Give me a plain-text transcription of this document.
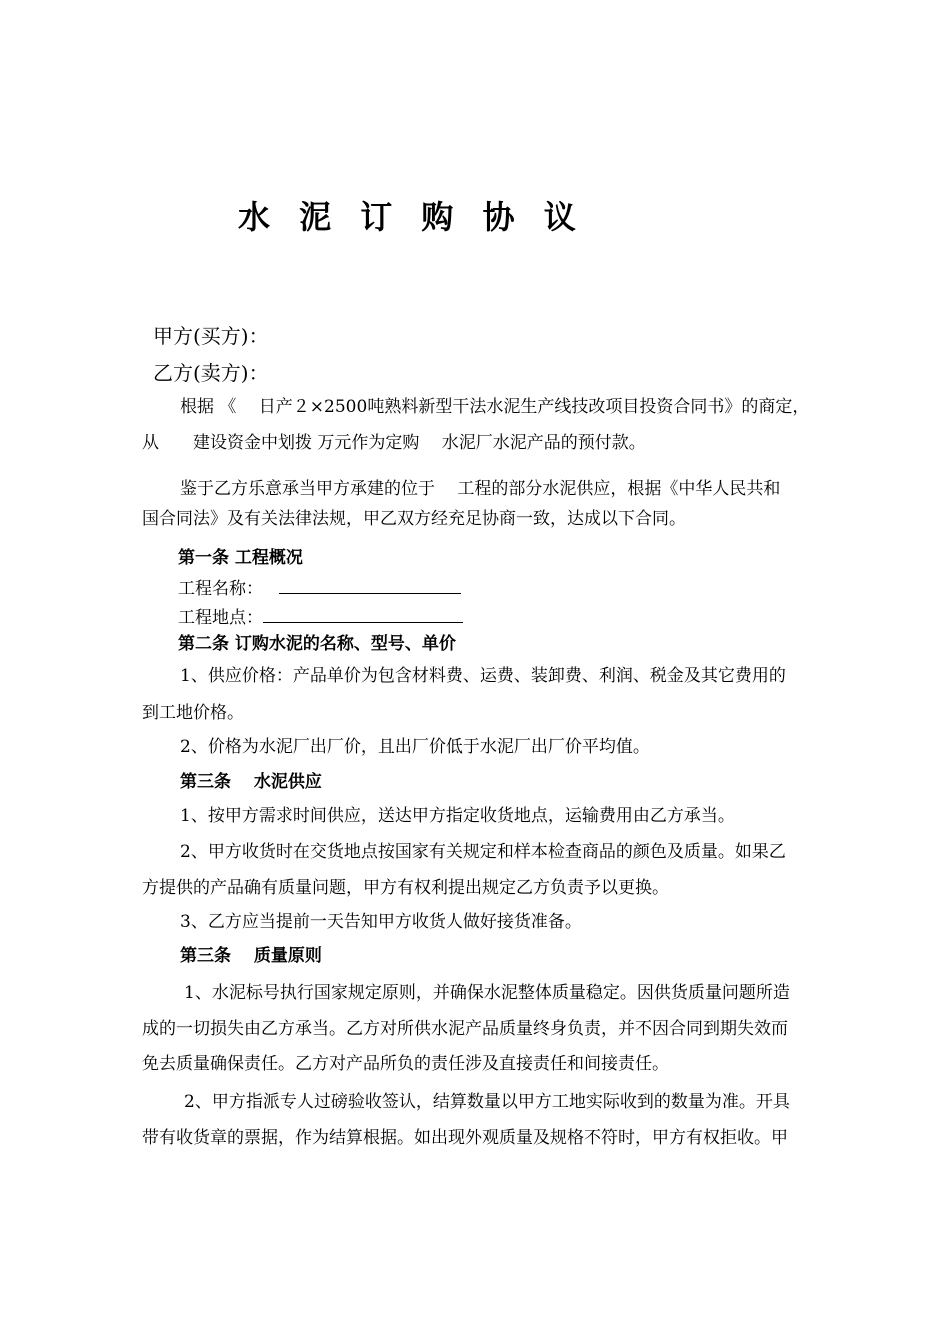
水 泥 订 购 协 议
甲方(买方)：
乙方(卖方)：
根据 《　 日产２×2500吨熟料新型干法水泥生产线技改项目投资合同书》的商定，
从　　建设资金中划拨 万元作为定购　 水泥厂水泥产品的预付款。
鉴于乙方乐意承当甲方承建的位于　 工程的部分水泥供应，根据《中华人民共和
国合同法》及有关法律法规，甲乙双方经充足协商一致，达成以下合同。
第一条 工程概况
工程名称：
工程地点：
第二条 订购水泥的名称、型号、单价
1、供应价格：产品单价为包含材料费、运费、装卸费、利润、税金及其它费用的
到工地价格。
2、价格为水泥厂出厂价，且出厂价低于水泥厂出厂价平均值。
第三条　 水泥供应
1、按甲方需求时间供应，送达甲方指定收货地点，运输费用由乙方承当。
2、甲方收货时在交货地点按国家有关规定和样本检查商品的颜色及质量。如果乙
方提供的产品确有质量问题，甲方有权利提出规定乙方负责予以更换。
3、乙方应当提前一天告知甲方收货人做好接货准备。
第三条　 质量原则
1、水泥标号执行国家规定原则，并确保水泥整体质量稳定。因供货质量问题所造
成的一切损失由乙方承当。乙方对所供水泥产品质量终身负责，并不因合同到期失效而
免去质量确保责任。乙方对产品所负的责任涉及直接责任和间接责任。
2、甲方指派专人过磅验收签认，结算数量以甲方工地实际收到的数量为准。开具
带有收货章的票据，作为结算根据。如出现外观质量及规格不符时，甲方有权拒收。甲
